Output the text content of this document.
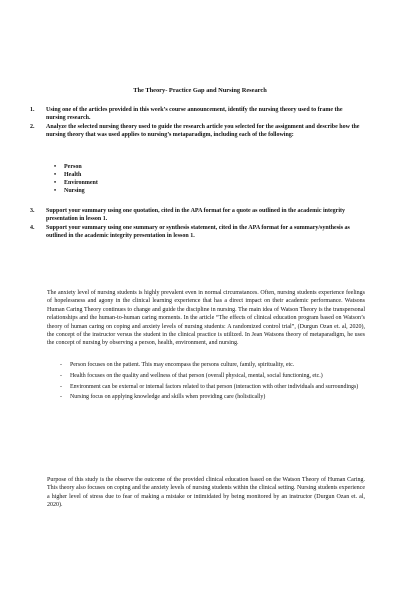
The Theory- Practice Gap and Nursing Research
1. Using one of the articles provided in this week’s course announcement, identify the nursing theory used to frame the nursing research.
2. Analyze the selected nursing theory used to guide the research article you selected for the assignment and describe how the nursing theory that was used applies to nursing’s metaparadigm, including each of the following:
• Person
• Health
• Environment
• Nursing
3. Support your summary using one quotation, cited in the APA format for a quote as outlined in the academic integrity presentation in lesson 1.
4. Support your summary using one summary or synthesis statement, cited in the APA format for a summary/synthesis as outlined in the academic integrity presentation in lesson 1.

The anxiety level of nursing students is highly prevalent even in normal circumstances. Often, nursing students experience feelings of hopelessness and agony in the clinical learning experience that has a direct impact on their academic performance. Watsons Human Caring Theory continues to change and guide the discipline in nursing. The main idea of Watson Theory is the transpersonal relationships and the human-to-human caring moments. In the article “The effects of clinical education program based on Watson’s theory of human caring on coping and anxiety levels of nursing students: A randomized control trial”, (Durgun Ozan et. al, 2020), the concept of the instructor versus the student in the clinical practice is utilized. In Jean Watsons theory of metaparadigm, he uses the concept of nursing by observing a person, health, environment, and nursing.

- Person focuses on the patient. This may encompass the persons culture, family, spirituality, etc.
- Health focuses on the quality and wellness of that person (overall physical, mental, social functioning, etc.)
- Environment can be external or internal factors related to that person (interaction with other individuals and surroundings)
- Nursing focus on applying knowledge and skills when providing care (holistically)

Purpose of this study is the observe the outcome of the provided clinical education based on the Watson Theory of Human Caring. This theory also focuses on coping and the anxiety levels of nursing students within the clinical setting. Nursing students experience a higher level of stress due to fear of making a mistake or intimidated by being monitored by an instructor (Durgun Ozan et. al, 2020).
